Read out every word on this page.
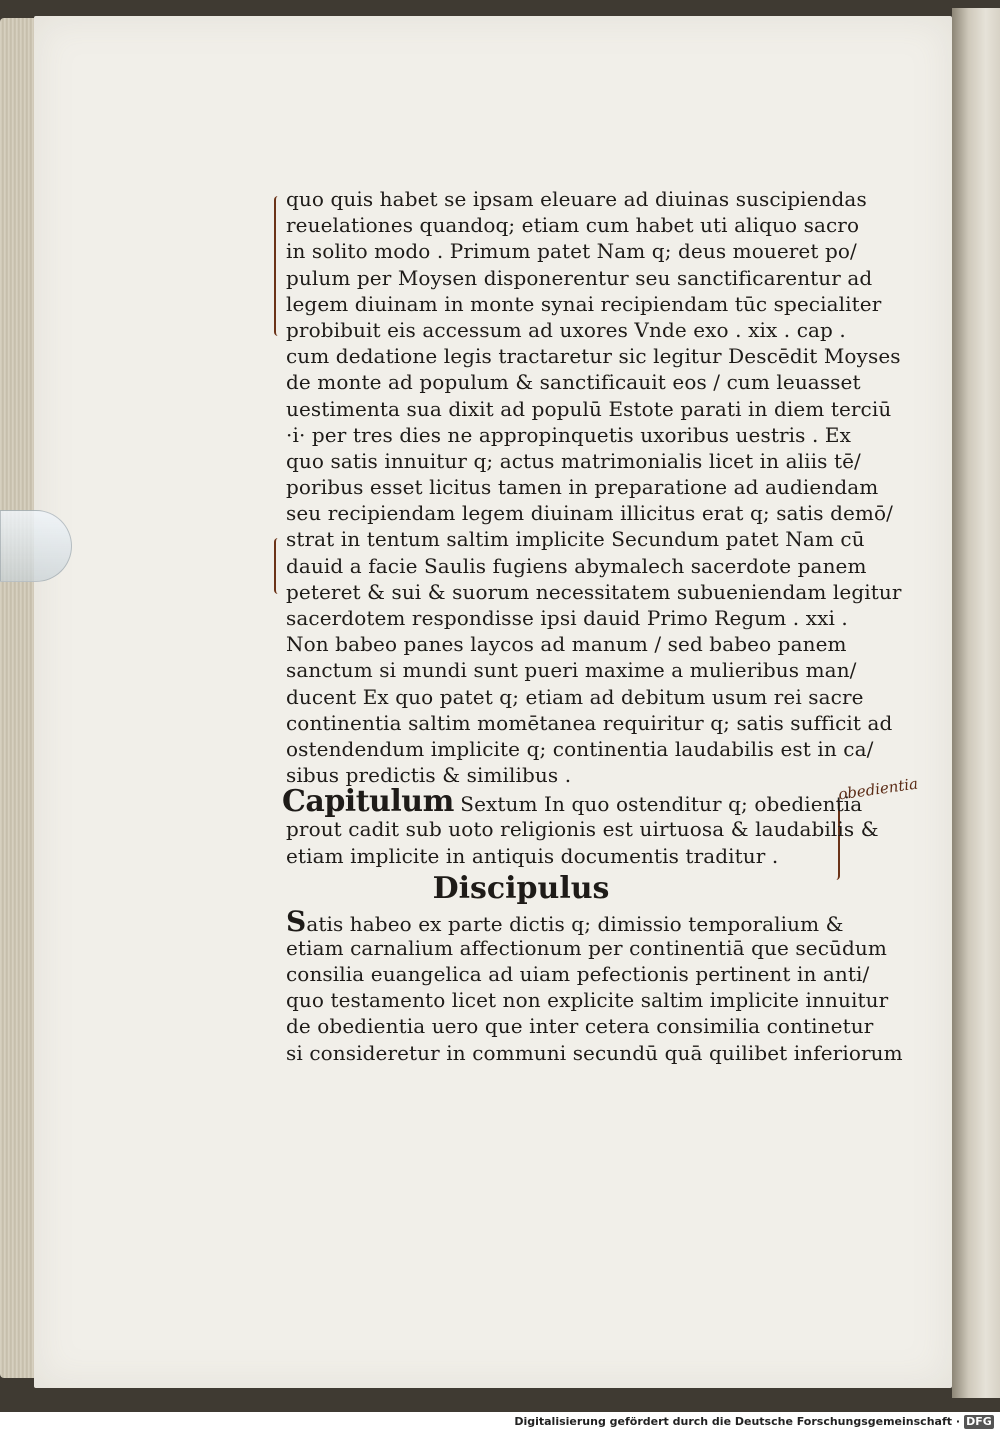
obedientia
quo quis habet se ipsam eleuare ad diuinas suscipiendas
reuelationes quandoq; etiam cum habet uti aliquo sacro
in solito modo . Primum patet Nam q; deus moueret po/
pulum per Moysen disponerentur seu sanctificarentur ad
legem diuinam in monte synai recipiendam tūc specialiter
probibuit eis accessum ad uxores Vnde exo . xix . cap .
cum dedatione legis tractaretur sic legitur Descēdit Moyses
de monte ad populum & sanctificauit eos / cum leuasset
uestimenta sua dixit ad populū Estote parati in diem terciū
·i· per tres dies ne appropinquetis uxoribus uestris . Ex
quo satis innuitur q; actus matrimonialis licet in aliis tē/
poribus esset licitus tamen in preparatione ad audiendam
seu recipiendam legem diuinam illicitus erat q; satis demō/
strat in tentum saltim implicite Secundum patet Nam cū
dauid a facie Saulis fugiens abymalech sacerdote panem
peteret & sui & suorum necessitatem subueniendam legitur
sacerdotem respondisse ipsi dauid Primo Regum . xxi .
Non babeo panes laycos ad manum / sed babeo panem
sanctum si mundi sunt pueri maxime a mulieribus man/
ducent Ex quo patet q; etiam ad debitum usum rei sacre
continentia saltim momētanea requiritur q; satis sufficit ad
ostendendum implicite q; continentia laudabilis est in ca/
sibus predictis & similibus .
Capitulum Sextum In quo ostenditur q; obedientia
prout cadit sub uoto religionis est uirtuosa & laudabilis &
etiam implicite in antiquis documentis traditur .
Discipulus
Satis habeo ex parte dictis q; dimissio temporalium &
etiam carnalium affectionum per continentiā que secūdum
consilia euangelica ad uiam pefectionis pertinent in anti/
quo testamento licet non explicite saltim implicite innuitur
de obedientia uero que inter cetera consimilia continetur
si consideretur in communi secundū quā quilibet inferiorum
Digitalisierung gefördert durch die Deutsche Forschungsgemeinschaft · DFG
